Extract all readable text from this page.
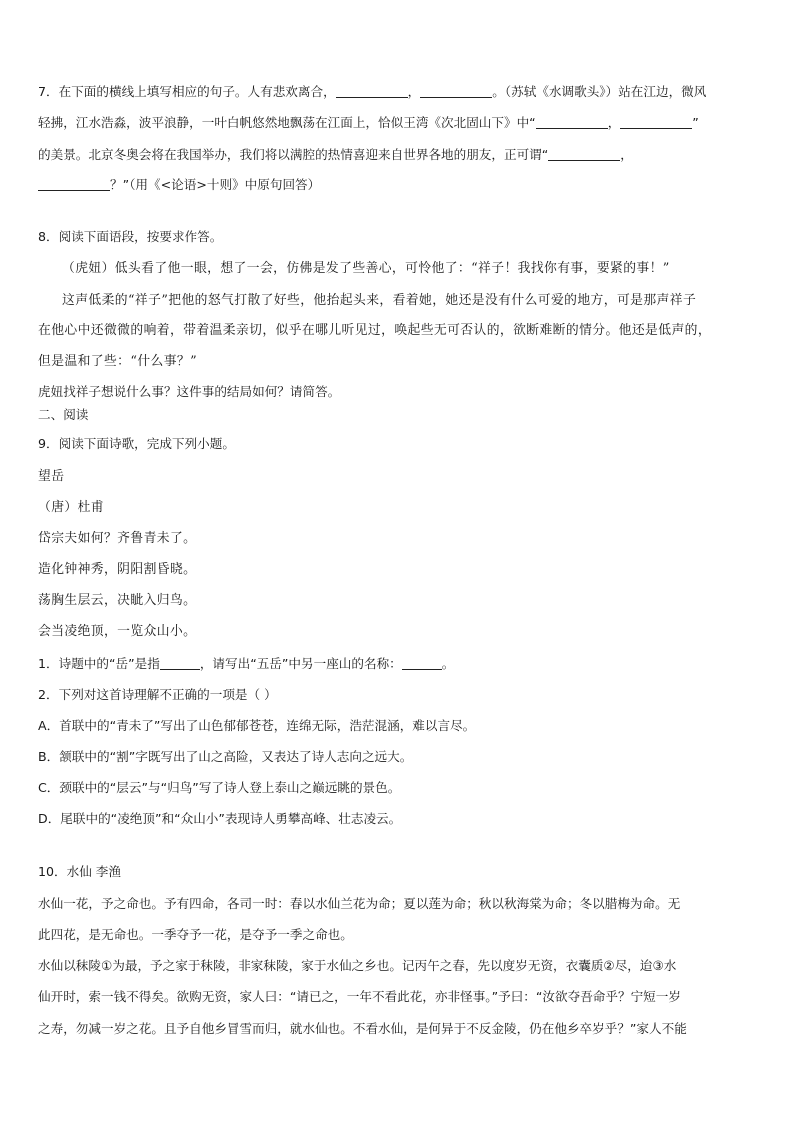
7．在下面的横线上填写相应的句子。人有悲欢离合，	，	。（苏轼《水调歌头》）站在江边，微风
轻拂，江水浩淼，波平浪静，一叶白帆悠然地飘荡在江面上，恰似王湾《次北固山下》中“	，	”
的美景。北京冬奥会将在我国举办，我们将以满腔的热情喜迎来自世界各地的朋友，正可谓“	，
？”（用《<论语>十则》中原句回答）
8．阅读下面语段，按要求作答。
（虎妞）低头看了他一眼，想了一会，仿佛是发了些善心，可怜他了：“祥子！我找你有事，要紧的事！”
这声低柔的“祥子”把他的怒气打散了好些，他抬起头来，看着她，她还是没有什么可爱的地方，可是那声祥子
在他心中还微微的响着，带着温柔亲切，似乎在哪儿听见过，唤起些无可否认的，欲断难断的情分。他还是低声的，
但是温和了些：“什么事？”
虎妞找祥子想说什么事？这件事的结局如何？请简答。
二、阅读
9．阅读下面诗歌，完成下列小题。
望岳
（唐）杜甫
岱宗夫如何？齐鲁青未了。
造化钟神秀，阴阳割昏晓。
荡胸生层云，决眦入归鸟。
会当凌绝顶，一览众山小。
1．诗题中的“岳”是指	，请写出“五岳”中另一座山的名称：	。
2．下列对这首诗理解不正确的一项是（ ）
A．首联中的“青未了”写出了山色郁郁苍苍，连绵无际，浩茫混涵，难以言尽。
B．颔联中的“割”字既写出了山之高险，又表达了诗人志向之远大。
C．颈联中的“层云”与“归鸟”写了诗人登上泰山之巅远眺的景色。
D．尾联中的“凌绝顶”和“众山小”表现诗人勇攀高峰、壮志凌云。
10．水仙 李渔
水仙一花，予之命也。予有四命，各司一时：春以水仙兰花为命；夏以莲为命；秋以秋海棠为命；冬以腊梅为命。无
此四花，是无命也。一季夺予一花，是夺予一季之命也。
水仙以秣陵①为最，予之家于秣陵，非家秣陵，家于水仙之乡也。记丙午之春，先以度岁无资，衣囊质②尽，迨③水
仙开时，索一钱不得矣。欲购无资，家人曰：“请已之，一年不看此花，亦非怪事。”予曰：“汝欲夺吾命乎？宁短一岁
之寿，勿减一岁之花。且予自他乡冒雪而归，就水仙也。不看水仙，是何异于不反金陵，仍在他乡卒岁乎？”家人不能
